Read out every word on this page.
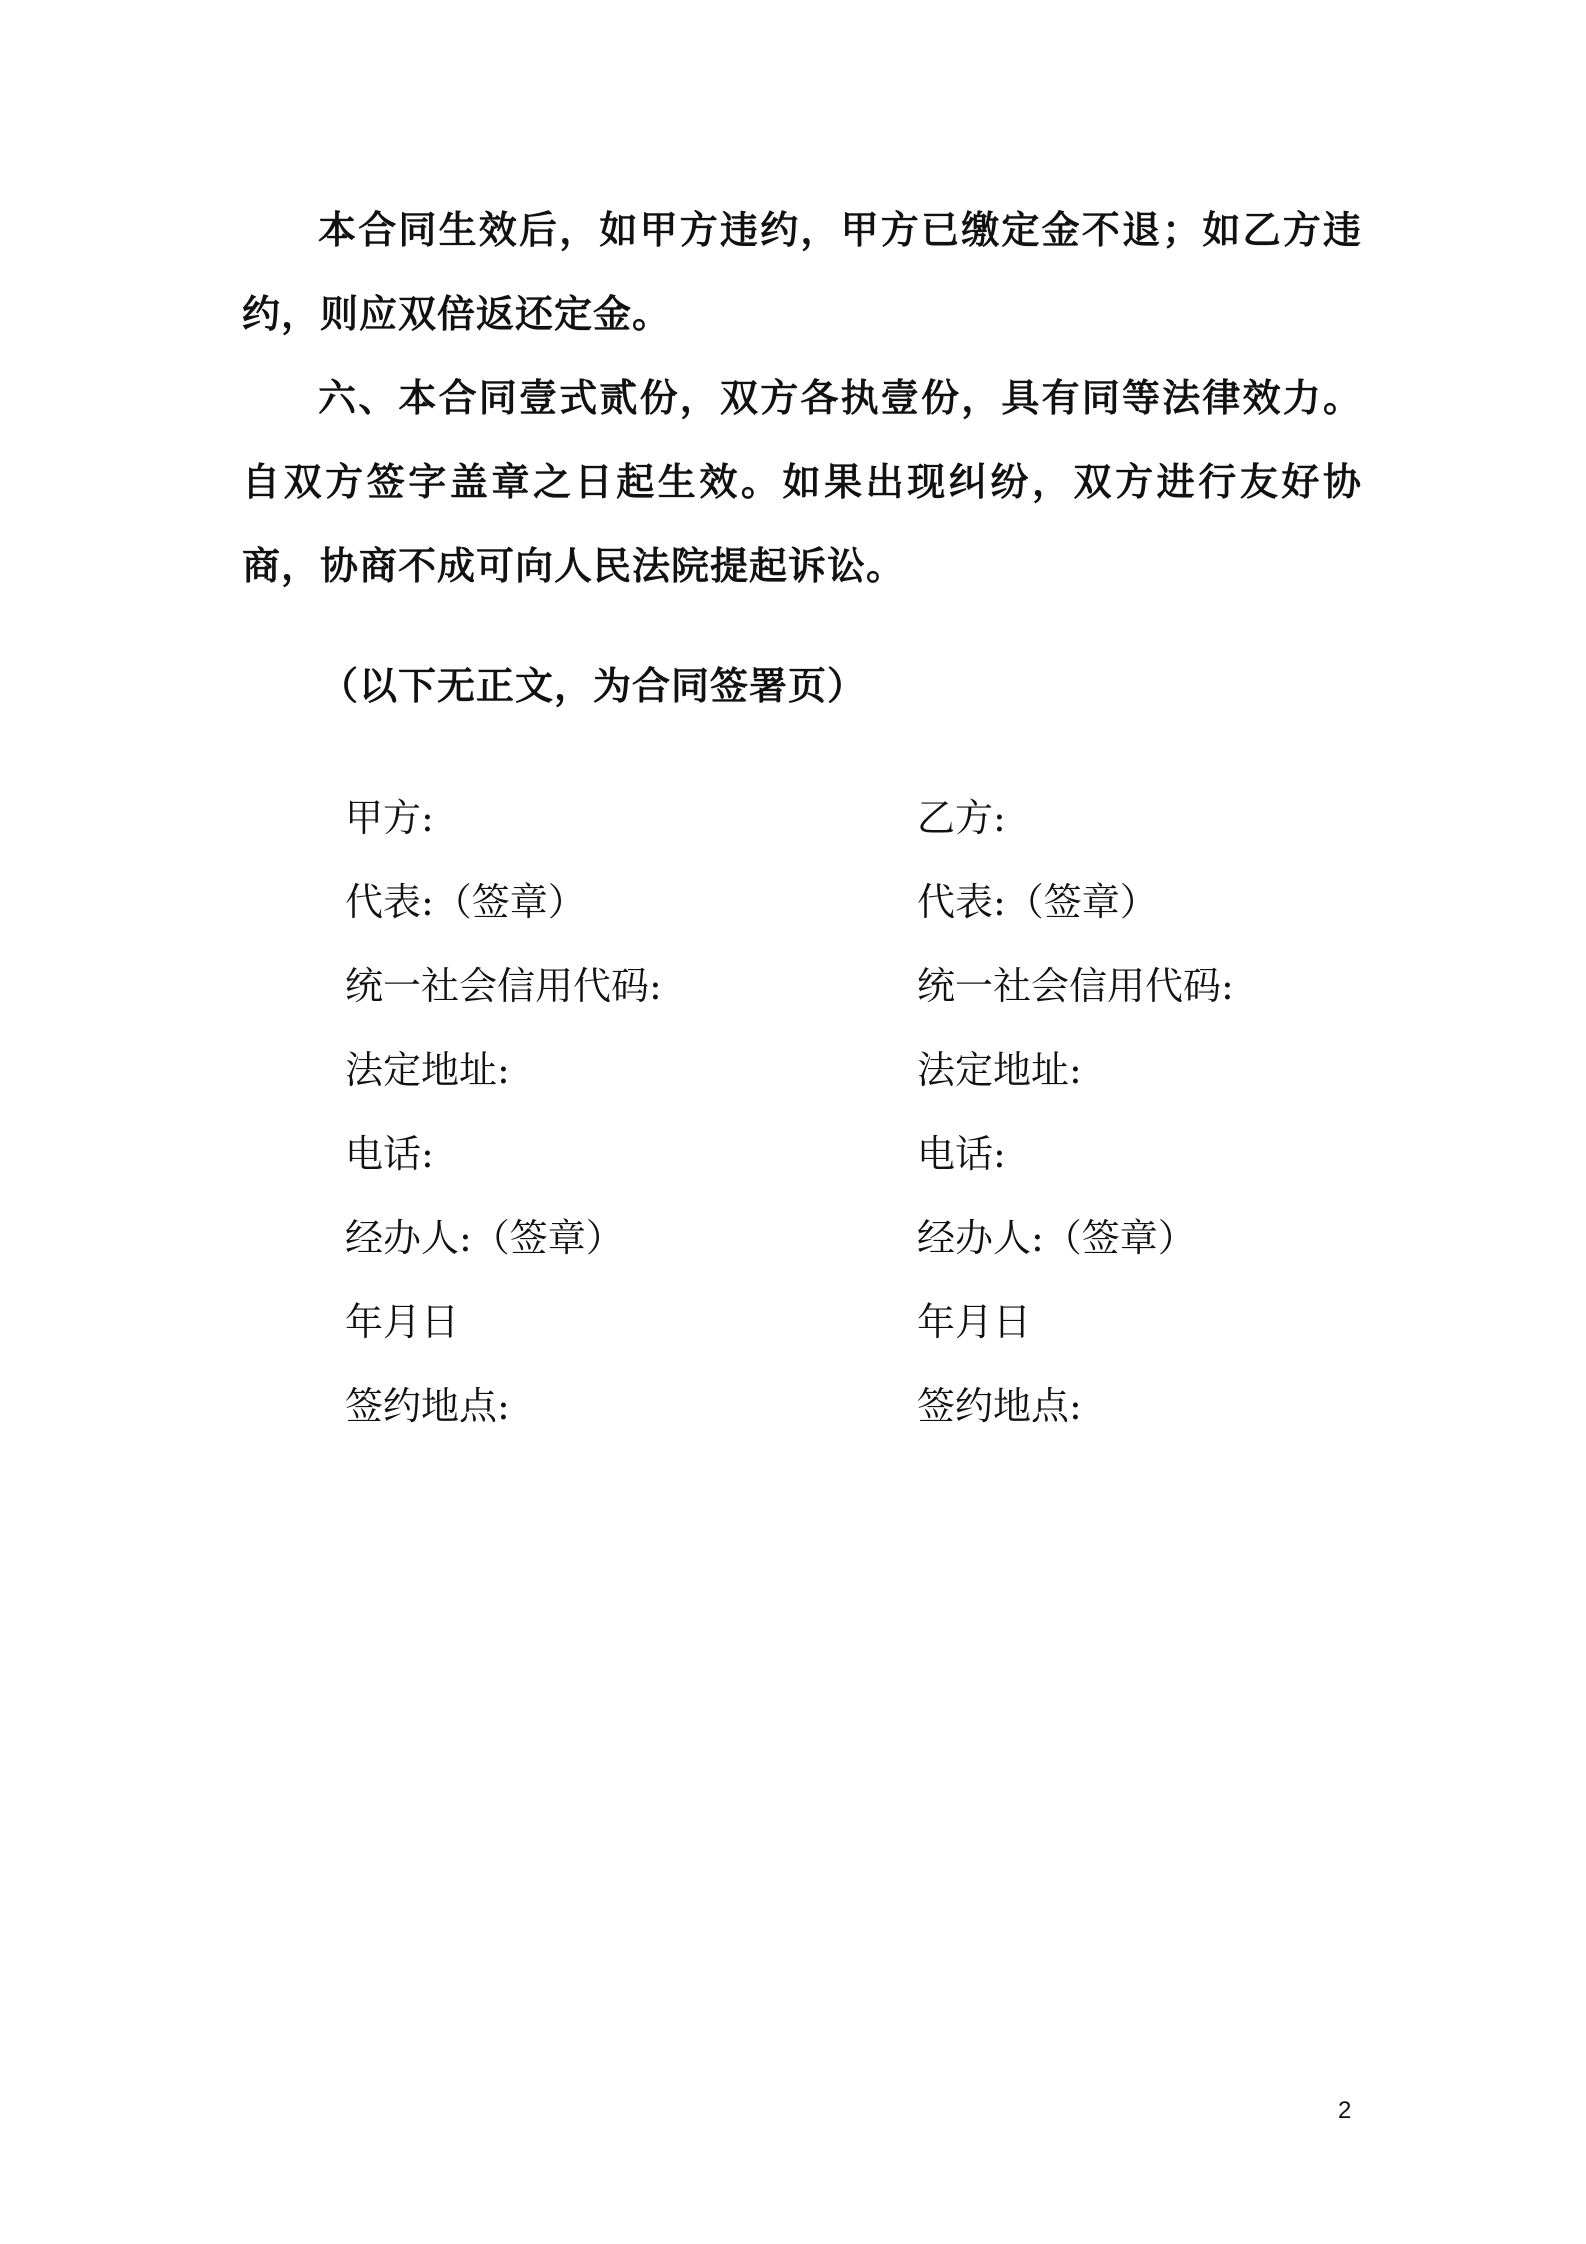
本合同生效后，如甲方违约，甲方已缴定金不退；如乙方违约，则应双倍返还定金。

六、本合同壹式贰份，双方各执壹份，具有同等法律效力。自双方签字盖章之日起生效。如果出现纠纷，双方进行友好协商，协商不成可向人民法院提起诉讼。

（以下无正文，为合同签署页）

甲方:
代表:（签章）
统一社会信用代码:
法定地址:
电话:
经办人:（签章）
年月日
签约地点:
乙方:
代表:（签章）
统一社会信用代码:
法定地址:
电话:
经办人:（签章）
年月日
签约地点:
2
